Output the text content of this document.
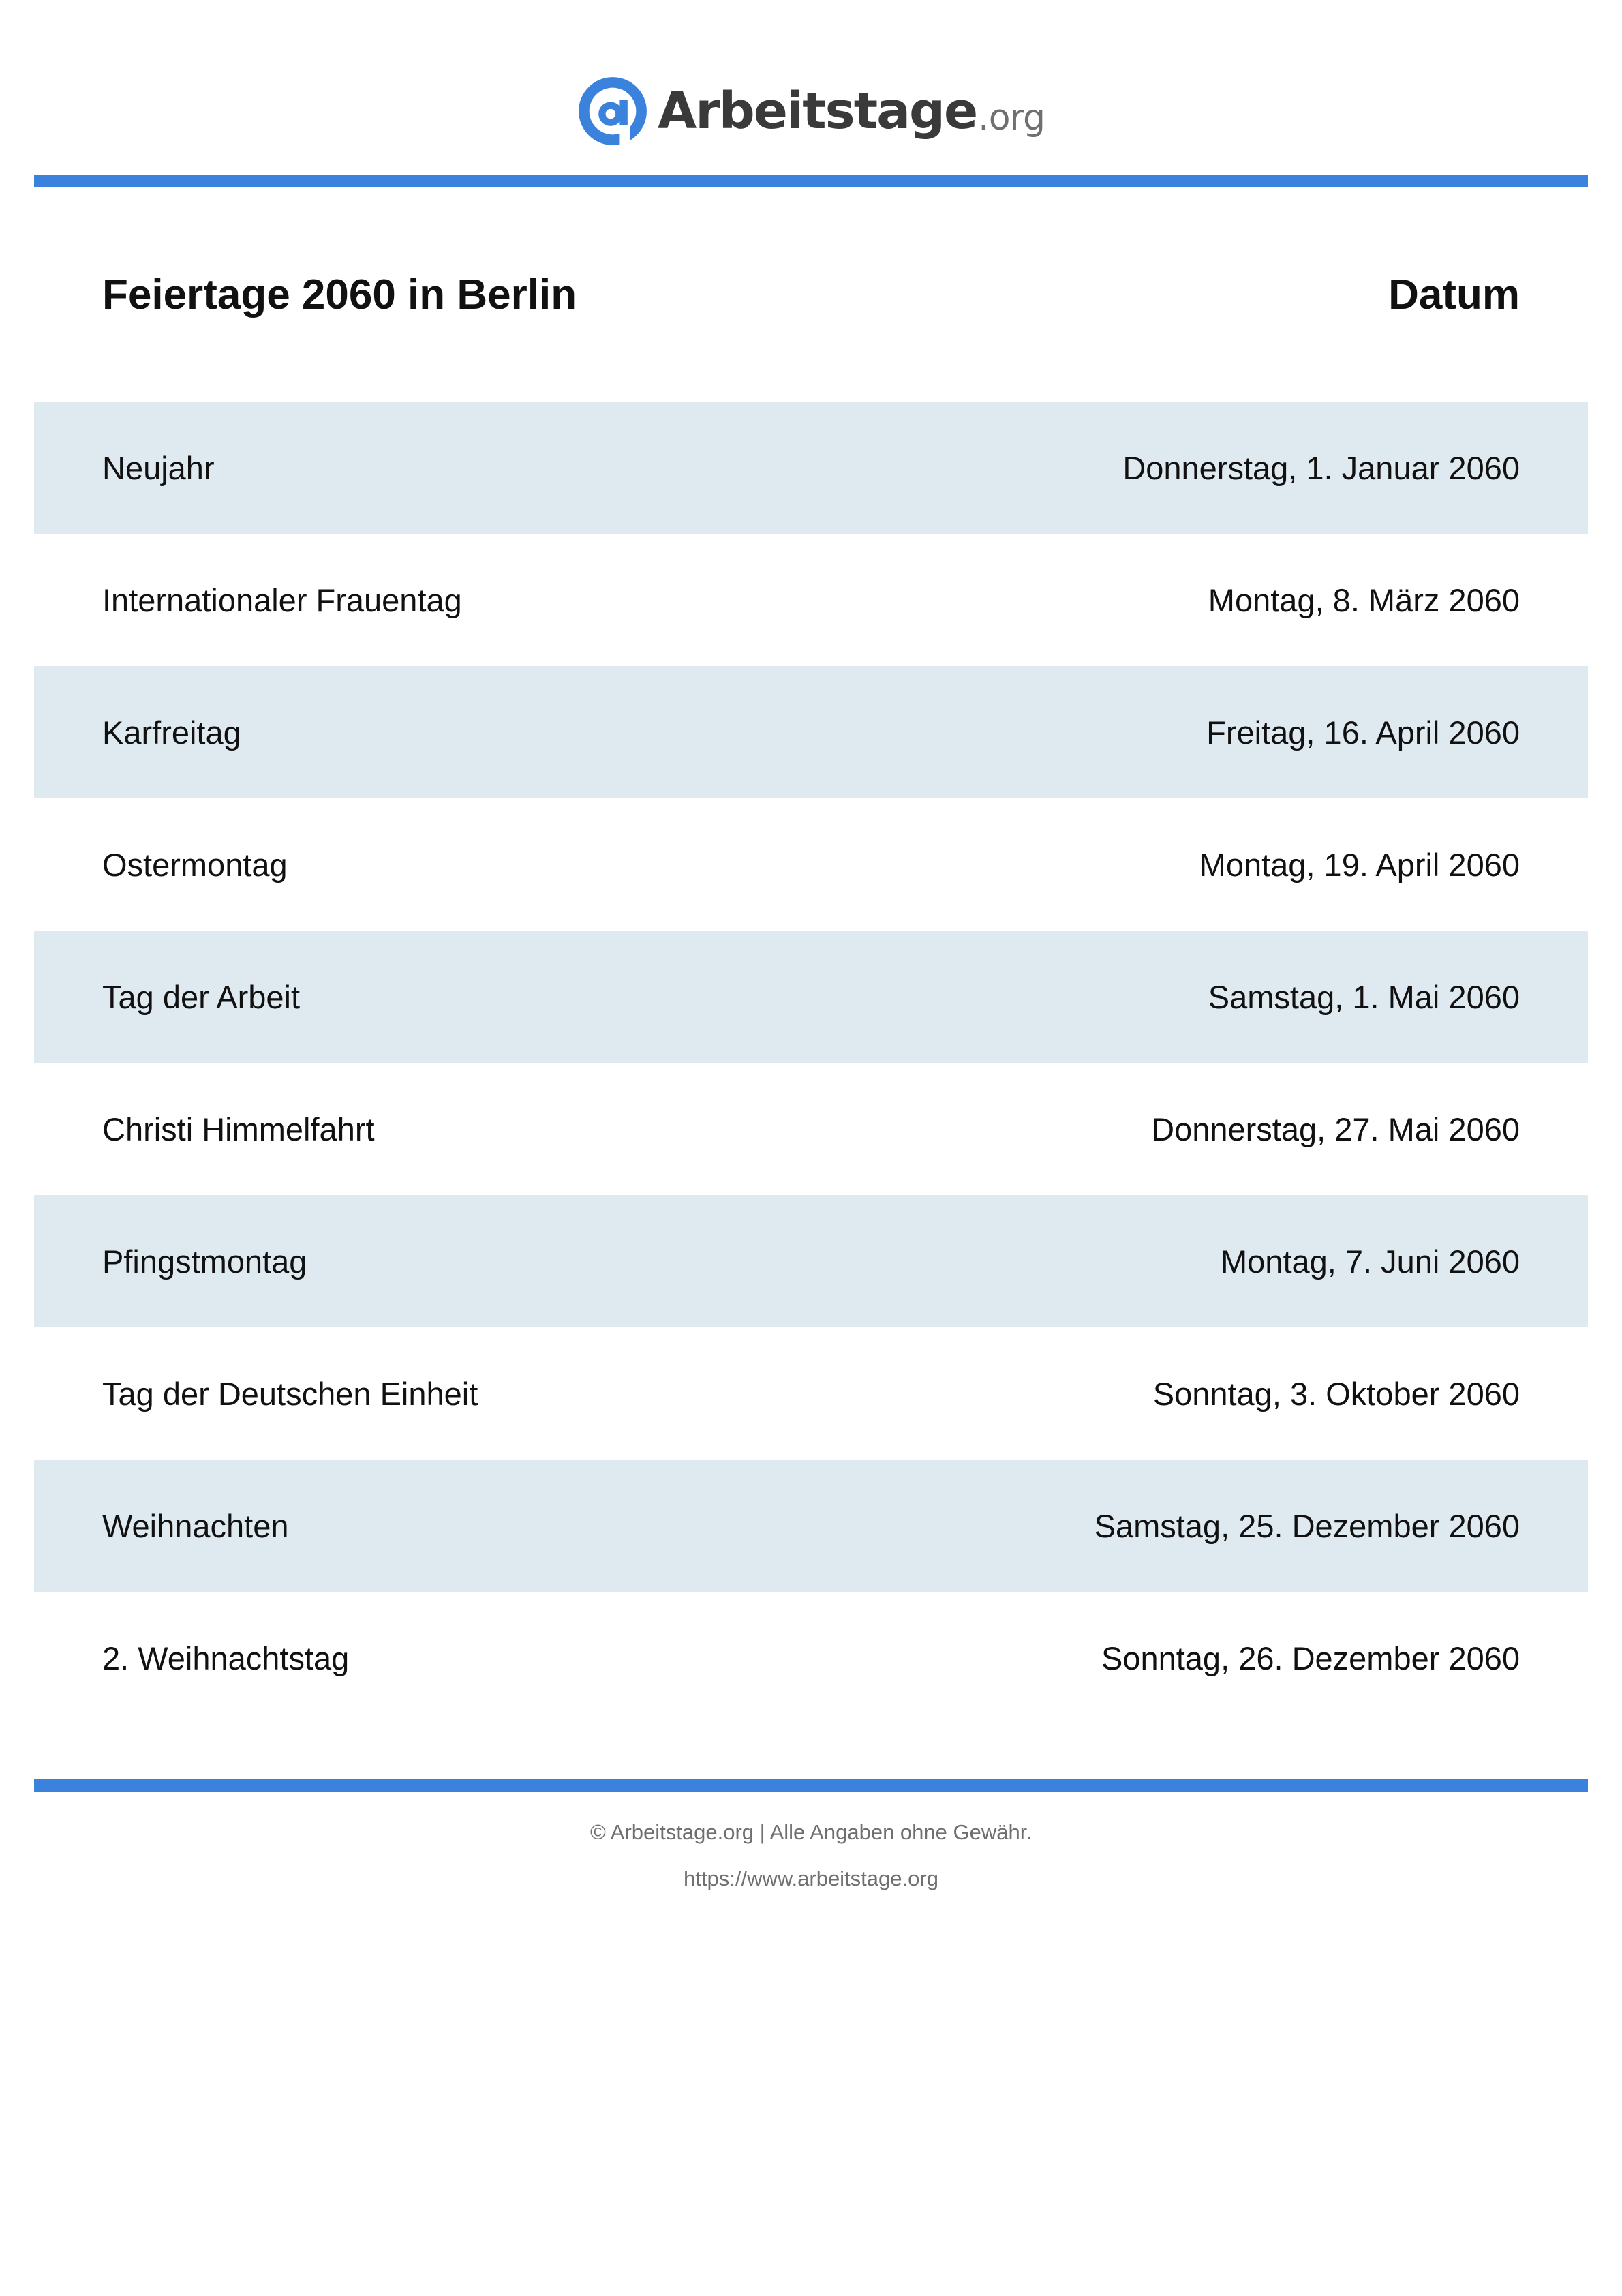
Arbeitstage .org
Feiertage 2060 in Berlin	Datum
Neujahr	Donnerstag, 1. Januar 2060
Internationaler Frauentag	Montag, 8. März 2060
Karfreitag	Freitag, 16. April 2060
Ostermontag	Montag, 19. April 2060
Tag der Arbeit	Samstag, 1. Mai 2060
Christi Himmelfahrt	Donnerstag, 27. Mai 2060
Pfingstmontag	Montag, 7. Juni 2060
Tag der Deutschen Einheit	Sonntag, 3. Oktober 2060
Weihnachten	Samstag, 25. Dezember 2060
2. Weihnachtstag	Sonntag, 26. Dezember 2060
© Arbeitstage.org | Alle Angaben ohne Gewähr.
https://www.arbeitstage.org
